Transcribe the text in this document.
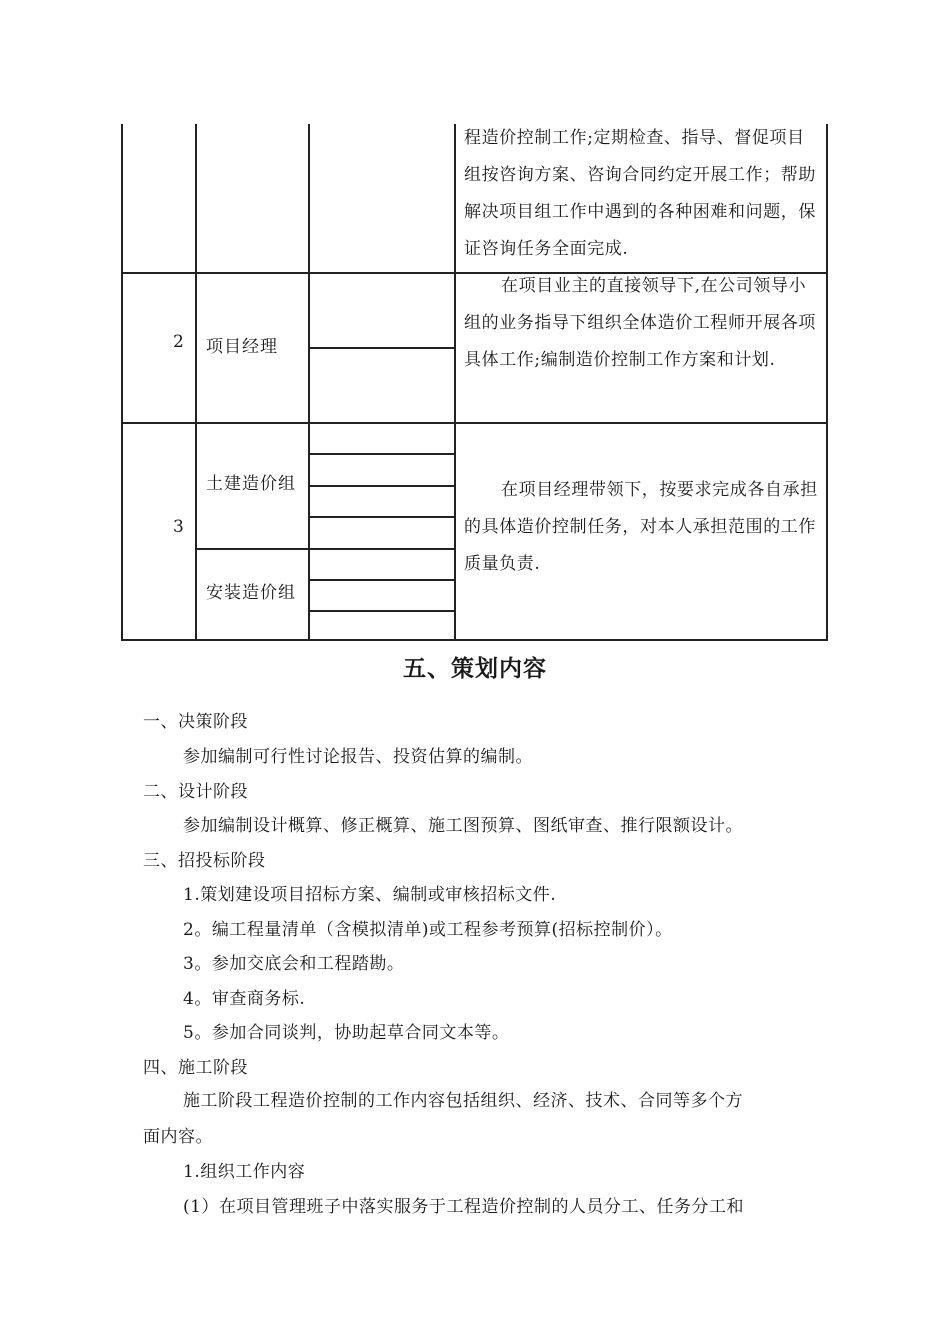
程造价控制工作;定期检查、指导、督促项目组按咨询方案、咨询合同约定开展工作；帮助解决项目组工作中遇到的各种困难和问题，保证咨询任务全面完成.
2 项目经理
在项目业主的直接领导下,在公司领导小组的业务指导下组织全体造价工程师开展各项具体工作;编制造价控制工作方案和计划.
3
土建造价组
安装造价组
在项目经理带领下，按要求完成各自承担的具体造价控制任务，对本人承担范围的工作质量负责.
五、策划内容
一、决策阶段
参加编制可行性讨论报告、投资估算的编制。
二、设计阶段
参加编制设计概算、修正概算、施工图预算、图纸审查、推行限额设计。
三、招投标阶段
1.策划建设项目招标方案、编制或审核招标文件.
2。编工程量清单（含模拟清单)或工程参考预算(招标控制价）。
3。参加交底会和工程踏勘。
4。审查商务标.
5。参加合同谈判，协助起草合同文本等。
四、施工阶段
施工阶段工程造价控制的工作内容包括组织、经济、技术、合同等多个方
面内容。
1.组织工作内容
(1）在项目管理班子中落实服务于工程造价控制的人员分工、任务分工和
